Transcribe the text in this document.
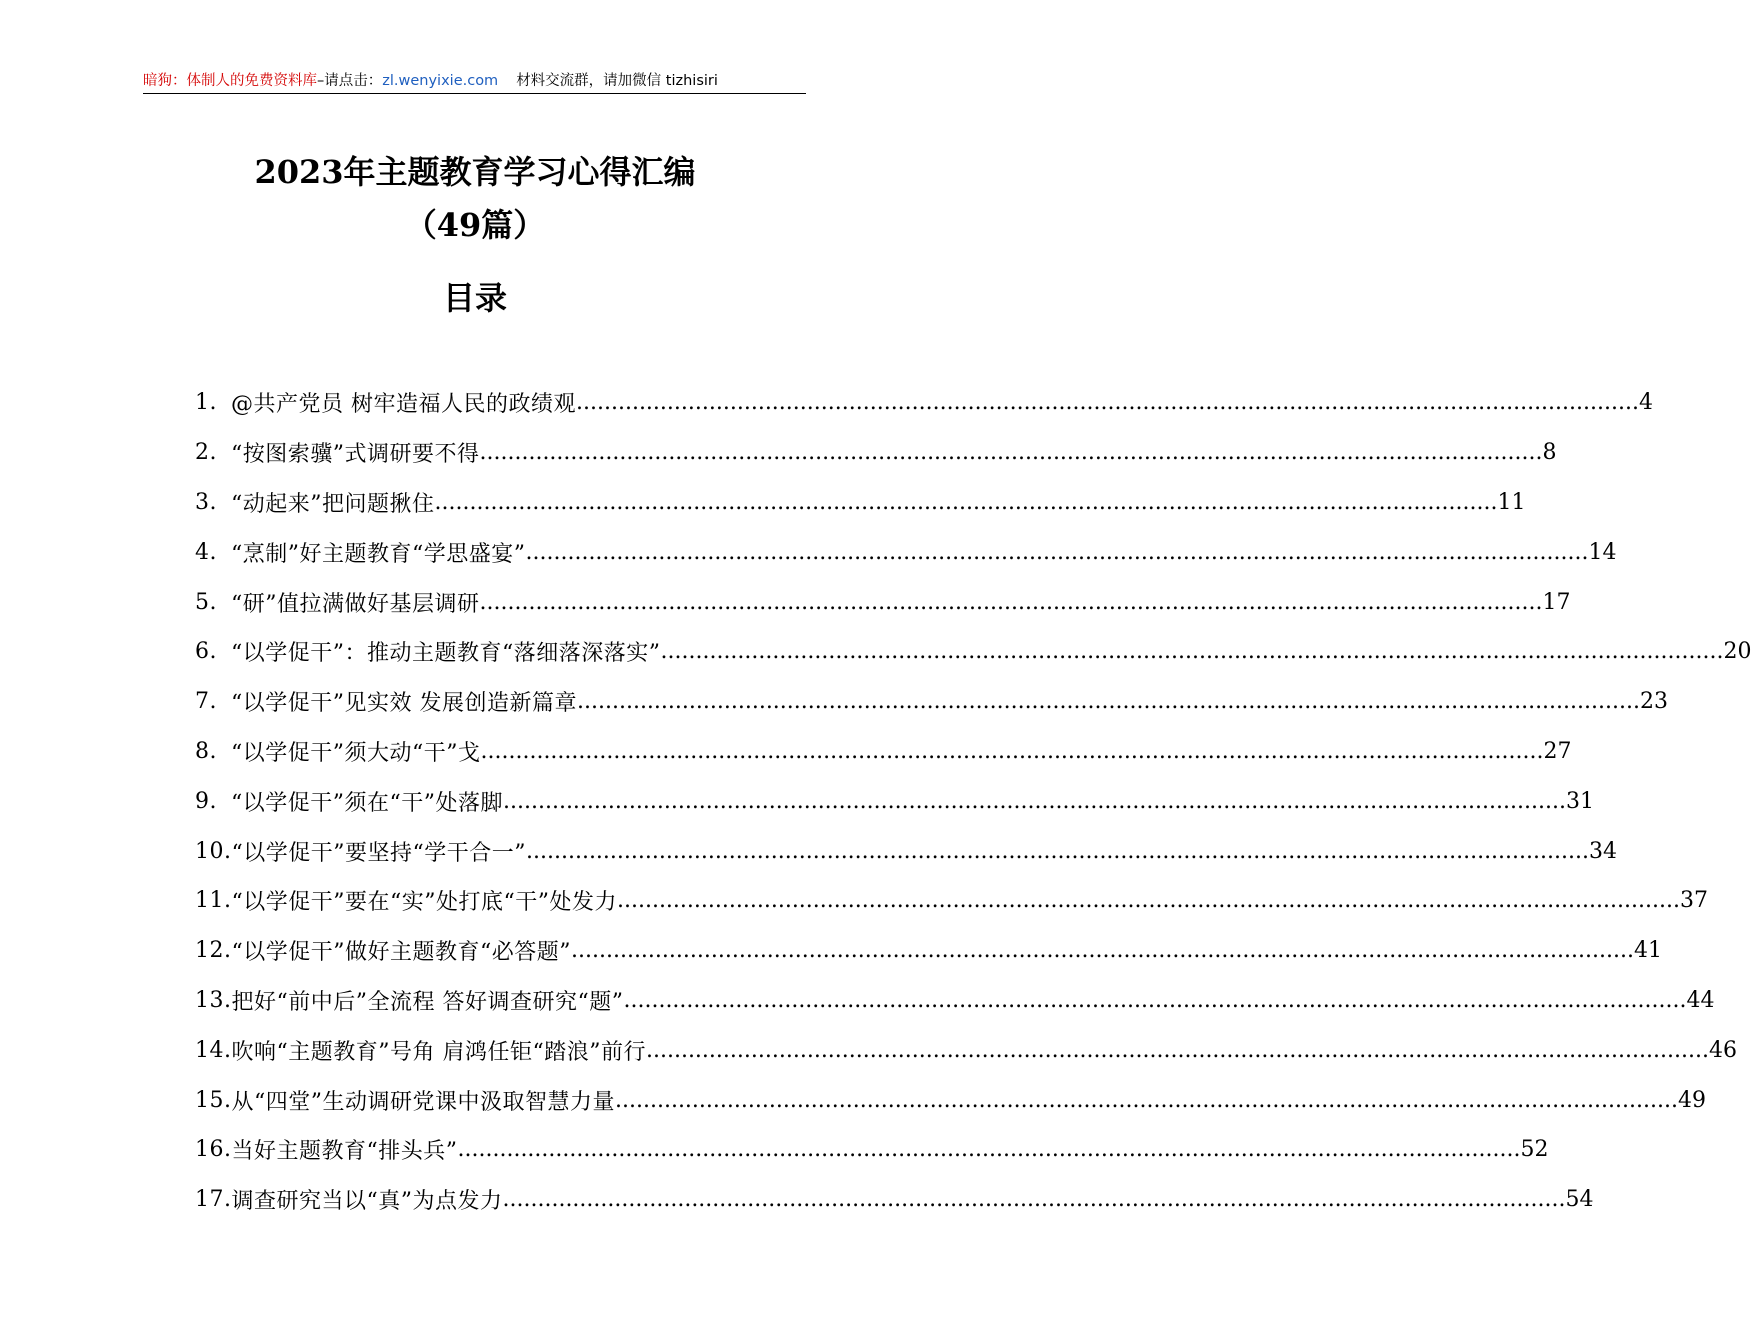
暗狗：体制人的免费资料库–请点击：zl.wenyixie.com 材料交流群，请加微信 tizhisiri
2023年主题教育学习心得汇编
（49篇）
目录
1. @共产党员 树牢造福人民的政绩观 .....	4
2. “按图索骥”式调研要不得 .....	8
3. “动起来”把问题揪住 .....	11
4. “烹制”好主题教育“学思盛宴” .....	14
5. “研”值拉满做好基层调研 .....	17
6. “以学促干”：推动主题教育“落细落深落实” .....	20
7. “以学促干”见实效 发展创造新篇章 .....	23
8. “以学促干”须大动“干”戈 .....	27
9. “以学促干”须在“干”处落脚 .....	31
10. “以学促干”要坚持“学干合一” .....	34
11. “以学促干”要在“实”处打底“干”处发力 .....	37
12. “以学促干”做好主题教育“必答题” .....	41
13. 把好“前中后”全流程 答好调查研究“题” .....	44
14. 吹响“主题教育”号角 肩鸿任钜“踏浪”前行 .....	46
15. 从“四堂”生动调研党课中汲取智慧力量 .....	49
16. 当好主题教育“排头兵” .....	52
17. 调查研究当以“真”为点发力 .....	54
